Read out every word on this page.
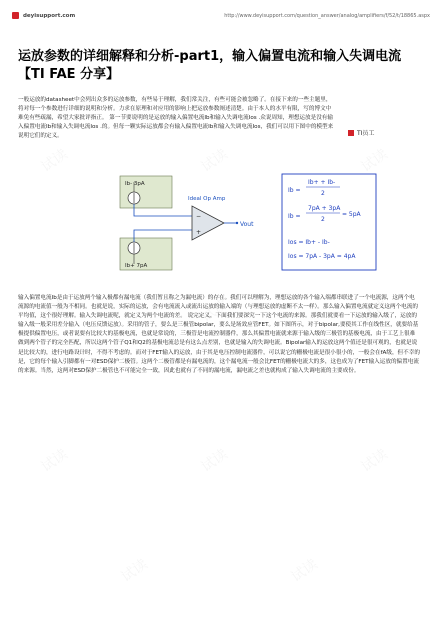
deyisupport.com	http://www.deyisupport.com/question_answer/analog/amplifiers/f/52/t/18865.aspx
运放参数的详细解释和分析-part1，输入偏置电流和输入失调电流【TI FAE 分享】
TI员工
一般运放的datasheet中会列出众多的运放参数，有些易于理解，我们常关注，有些可能会被忽略了。在接下来的一些主题里，将对每一个参数进行详细的说明和分析。力求在原理和对应用的影响上把运放参数阐述清楚。由于本人的水平有限，写的博文中难免有些疏漏，希望大家批评指正。 第一节要说明的是运放的输入偏置电流Ib和输入失调电流Ios .众说周知，理想运放是没有输入偏置电流Ib和输入失调电流Ios .的。但每一颗实际运放都会有输入偏置电流Ib和输入失调电流Ios，我们可以用下图中的模型来说明它们的定义。
Ib- 3pA
Ib+ 7pA
−
+
Ideal Op Amp
Vout
Ib+ + Ib-
Ib =	2
7pA + 3pA
Ib =	2
= 5pA
Ios = Ib+ - Ib-
Ios = 7pA - 3pA = 4pA
输入偏置电流Ib是由于运放两个输入极都有漏电流（我们暂且称之为漏电流）的存在。我们可以理解为，理想运放的各个输入端都串联进了一个电流源，这两个电流源的电流值一般为不相同。也就是说，实际的运放，会有电流流入或流出运放的输入端的（与理想运放的虚断不太一样）。那么输入偏置电流就定义这两个电流的平均值，这个很好理解。输入失调电流呢，就定义为两个电流的差。 说完定义，下面我们要深究一下这个电流的来源。那我们就要看一下运放的输入级了，运放的输入级一般采用差分输入（电压反馈运放）。采用的管子，要么是三极管bipolar，要么是场效应管FET。如下图所示，对于bipolar,要使其工作在线性区，就要给基极提供偏置电压，或者说要有比较大的基极电流，也就是常说的，三极管是电流控制器件，那么其偏置电流就来源于输入级的三极管的基极电流，由于工艺上很难做到两个管子的完全匹配，所以这两个管子Q1和Q2的基极电流总是有这么点差别，也就是输入的失调电流。Bipolar输入的运放这两个值还是很可观的，也就是说是比较大的，进行电路设计时，不得不考虑的。而对于FET输入的运放，由于其是电压控制电流器件，可以说它的栅极电流是很小很小的，一般会在fA级，但不幸的是，它的每个输入引脚都有一对ESD保护二极管。这两个二极管都是有漏电流的，这个漏电流一般会比FET的栅极电流大的多，这也成为了FET输入运放的偏置电流的来源。当然，这两对ESD保护二极管也不可能完全一致，因此也就有了不同的漏电流，漏电流之差也就构成了输入失调电流的主要成份。
